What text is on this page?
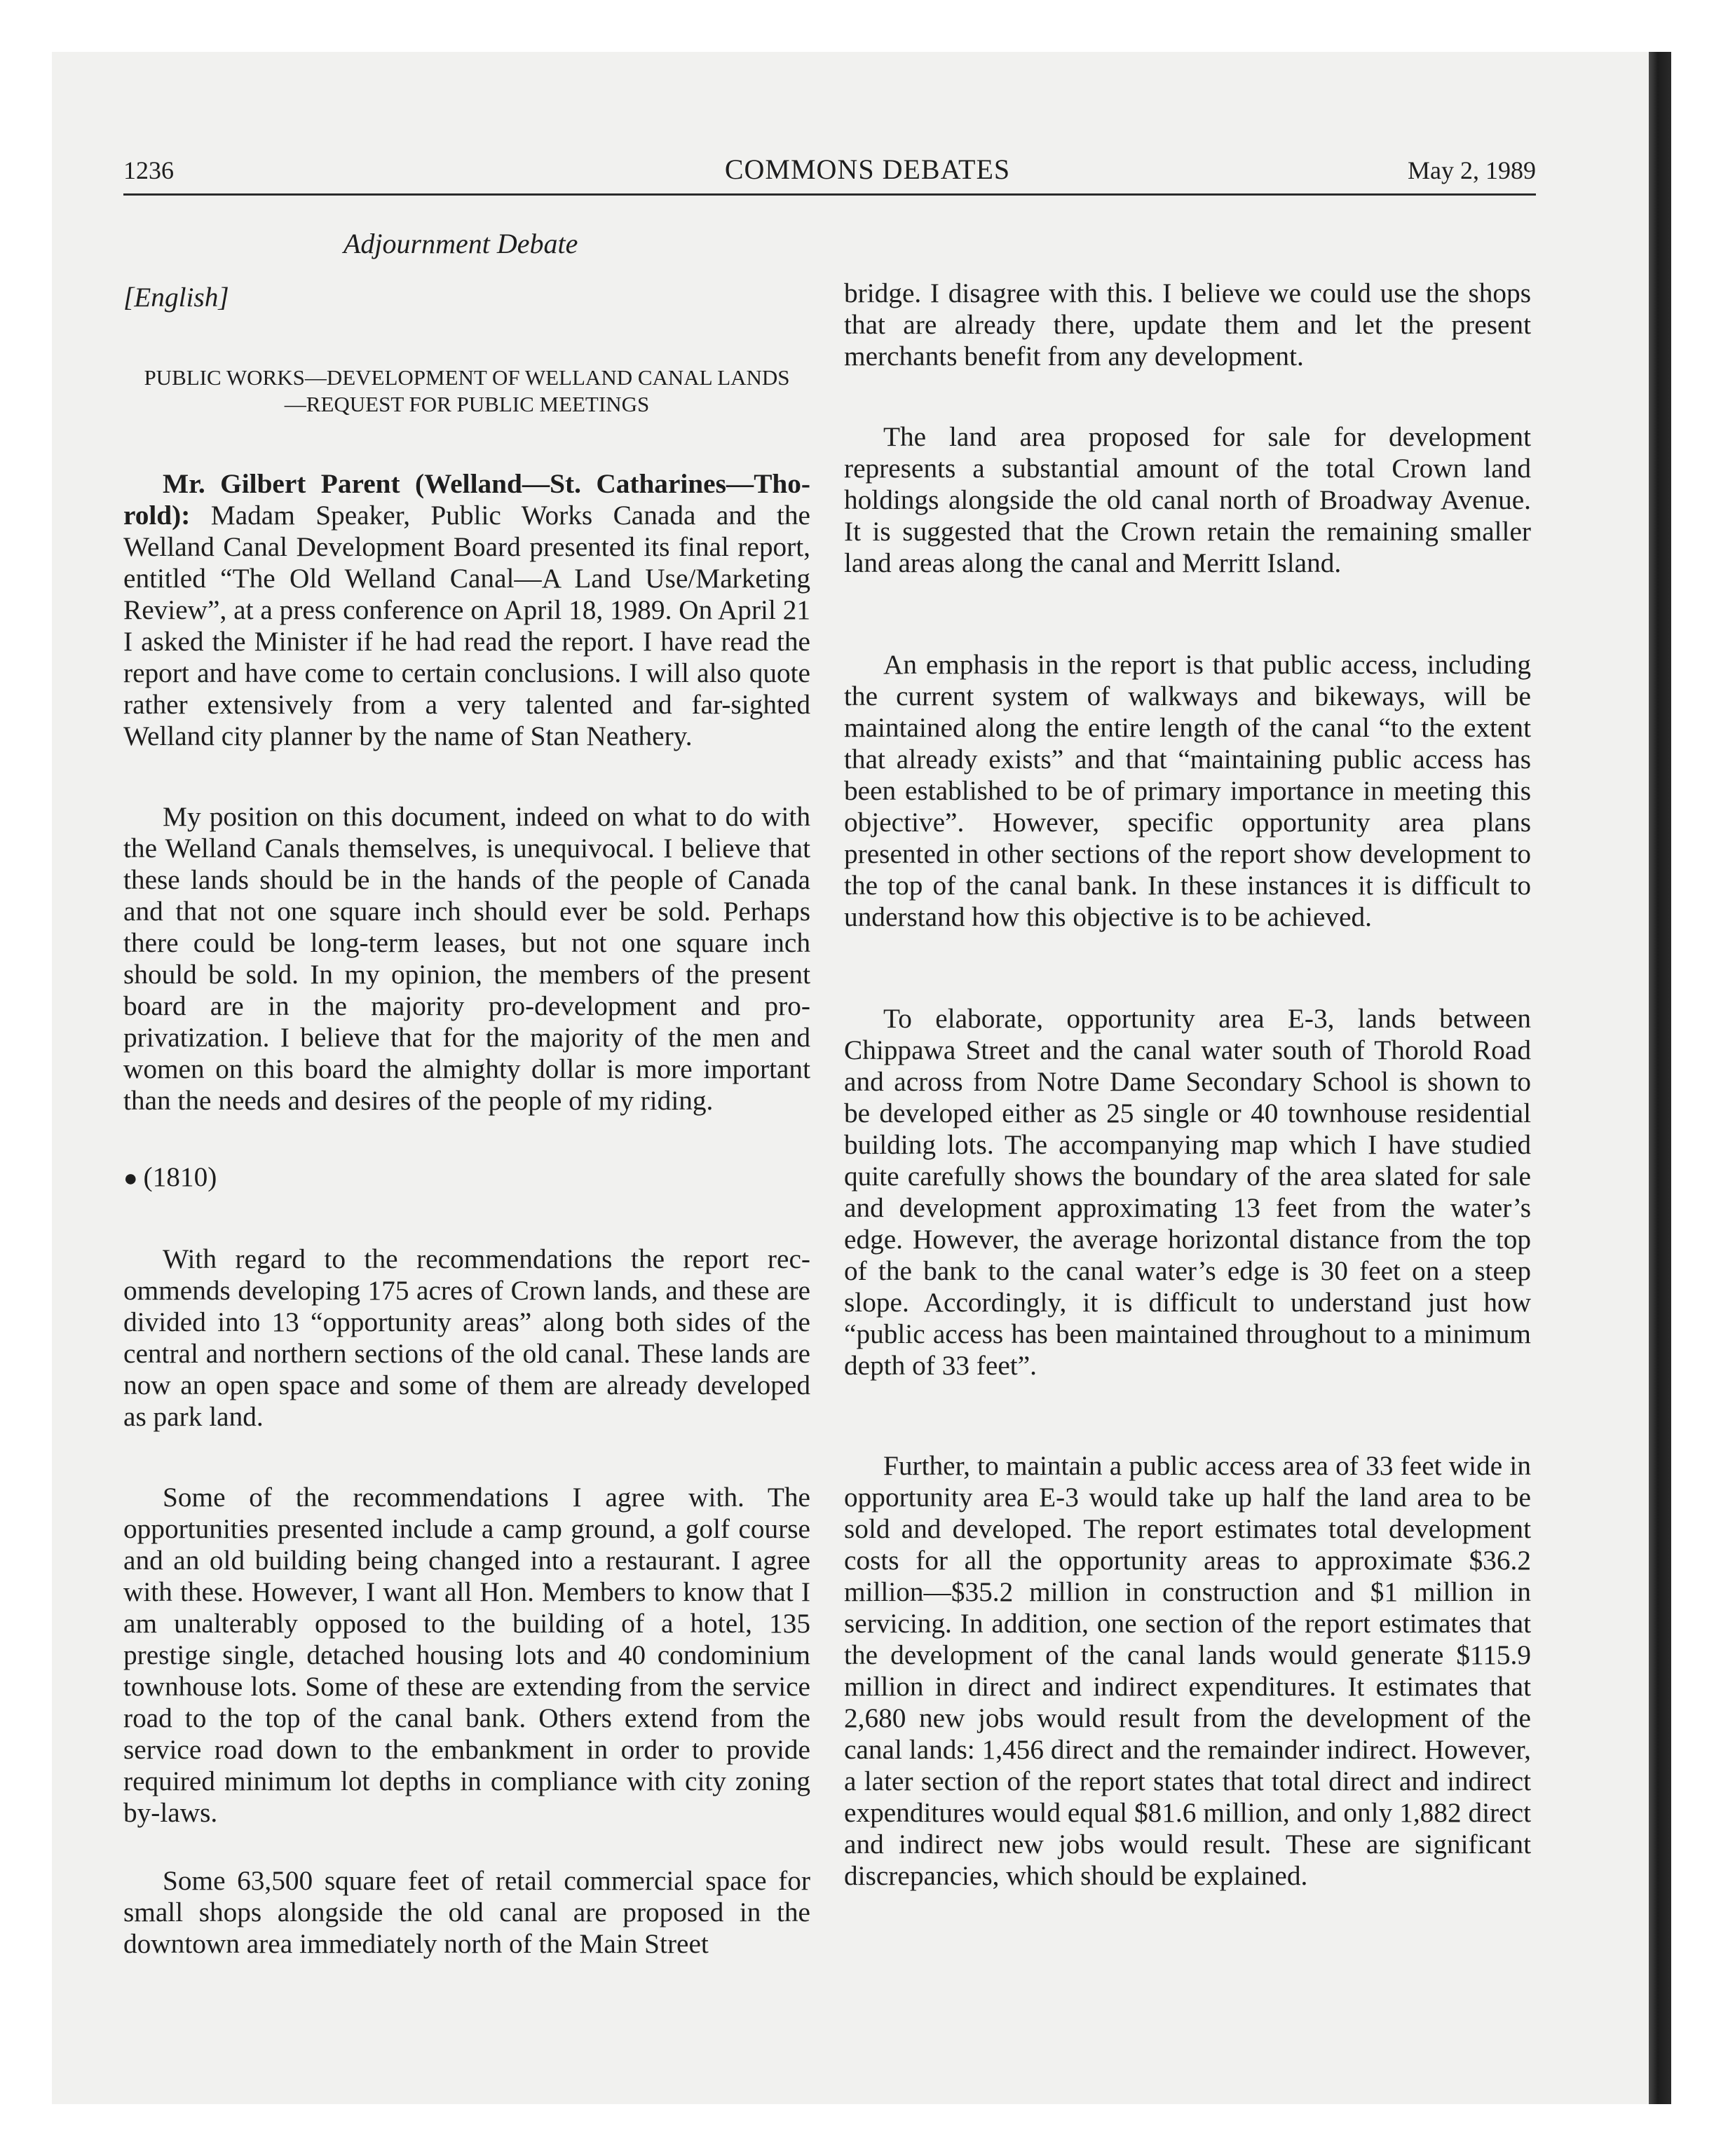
1236	COMMONS DEBATES	May 2, 1989
Adjournment Debate
[English]
PUBLIC WORKS—DEVELOPMENT OF WELLAND CANAL LANDS—REQUEST FOR PUBLIC MEETINGS

Mr. Gilbert Parent (Welland—St. Catharines—Thorold): Madam Speaker, Public Works Canada and the Welland Canal Development Board presented its final report, entitled “The Old Welland Canal—A Land Use/Marketing Review”, at a press conference on April 18, 1989. On April 21 I asked the Minister if he had read the report. I have read the report and have come to certain conclusions. I will also quote rather extensively from a very talented and far-sighted Welland city planner by the name of Stan Neathery.

My position on this document, indeed on what to do with the Welland Canals themselves, is unequivocal. I believe that these lands should be in the hands of the people of Canada and that not one square inch should ever be sold. Perhaps there could be long-term leases, but not one square inch should be sold. In my opinion, the members of the present board are in the majority pro-development and pro-privatization. I believe that for the majority of the men and women on this board the almighty dollar is more important than the needs and desires of the people of my riding.

● (1810)

With regard to the recommendations the report recommends developing 175 acres of Crown lands, and these are divided into 13 “opportunity areas” along both sides of the central and northern sections of the old canal. These lands are now an open space and some of them are already developed as park land.

Some of the recommendations I agree with. The opportunities presented include a camp ground, a golf course and an old building being changed into a restaurant. I agree with these. However, I want all Hon. Members to know that I am unalterably opposed to the building of a hotel, 135 prestige single, detached housing lots and 40 condominium townhouse lots. Some of these are extending from the service road to the top of the canal bank. Others extend from the service road down to the embankment in order to provide required minimum lot depths in compliance with city zoning by-laws.

Some 63,500 square feet of retail commercial space for small shops alongside the old canal are proposed in the downtown area immediately north of the Main Street

bridge. I disagree with this. I believe we could use the shops that are already there, update them and let the present merchants benefit from any development.

The land area proposed for sale for development represents a substantial amount of the total Crown land holdings alongside the old canal north of Broadway Avenue. It is suggested that the Crown retain the remaining smaller land areas along the canal and Merritt Island.

An emphasis in the report is that public access, including the current system of walkways and bikeways, will be maintained along the entire length of the canal “to the extent that already exists” and that “maintaining public access has been established to be of primary importance in meeting this objective”. However, specific opportunity area plans presented in other sections of the report show development to the top of the canal bank. In these instances it is difficult to understand how this objective is to be achieved.

To elaborate, opportunity area E-3, lands between Chippawa Street and the canal water south of Thorold Road and across from Notre Dame Secondary School is shown to be developed either as 25 single or 40 townhouse residential building lots. The accompanying map which I have studied quite carefully shows the boundary of the area slated for sale and development approximating 13 feet from the water’s edge. However, the average horizontal distance from the top of the bank to the canal water’s edge is 30 feet on a steep slope. Accordingly, it is difficult to understand just how “public access has been maintained throughout to a minimum depth of 33 feet”.

Further, to maintain a public access area of 33 feet wide in opportunity area E-3 would take up half the land area to be sold and developed. The report estimates total development costs for all the opportunity areas to approximate $36.2 million—$35.2 million in construction and $1 million in servicing. In addition, one section of the report estimates that the development of the canal lands would generate $115.9 million in direct and indirect expenditures. It estimates that 2,680 new jobs would result from the development of the canal lands: 1,456 direct and the remainder indirect. However, a later section of the report states that total direct and indirect expenditures would equal $81.6 million, and only 1,882 direct and indirect new jobs would result. These are significant discrepancies, which should be explained.
